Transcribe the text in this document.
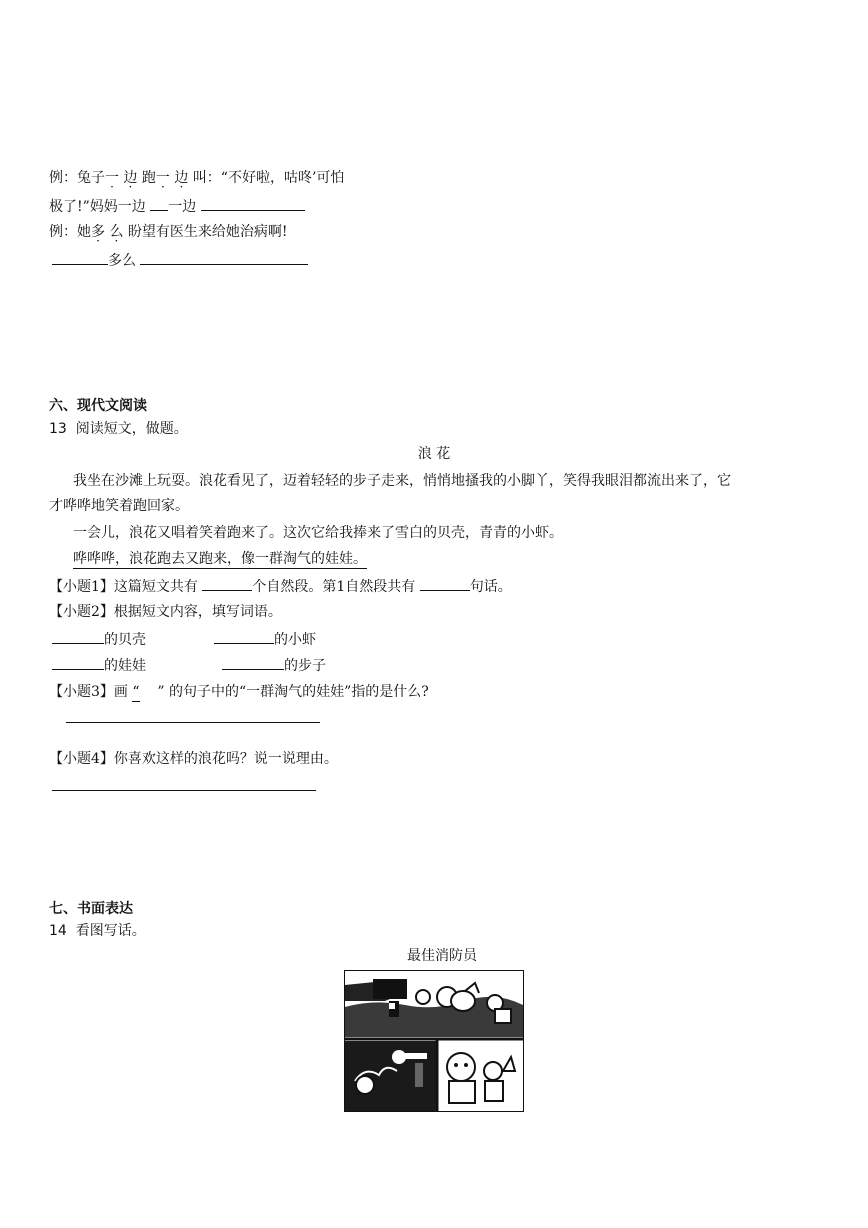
例：兔子一 边 跑一 边 叫：“不好啦，咕咚’可怕
极了!”妈妈一边 一边
例：她多 么 盼望有医生来给她治病啊!
多么
六、现代文阅读
13 阅读短文，做题。
浪 花
我坐在沙滩上玩耍。浪花看见了，迈着轻轻的步子走来，悄悄地搔我的小脚丫，笑得我眼泪都流出来了，它
才哗哗地笑着跑回家。
一会儿，浪花又唱着笑着跑来了。这次它给我捧来了雪白的贝壳，青青的小虾。
哗哗哗，浪花跑去又跑来，像一群淘气的娃娃。
【小题1】这篇短文共有	个自然段。第1自然段共有	句话。
【小题2】根据短文内容，填写词语。
的贝壳	的小虾
的娃娃	的步子
【小题3】画 “ ” 的句子中的“一群淘气的娃娃”指的是什么?
【小题4】你喜欢这样的浪花吗？说一说理由。
七、书面表达
14 看图写话。
最佳消防员
